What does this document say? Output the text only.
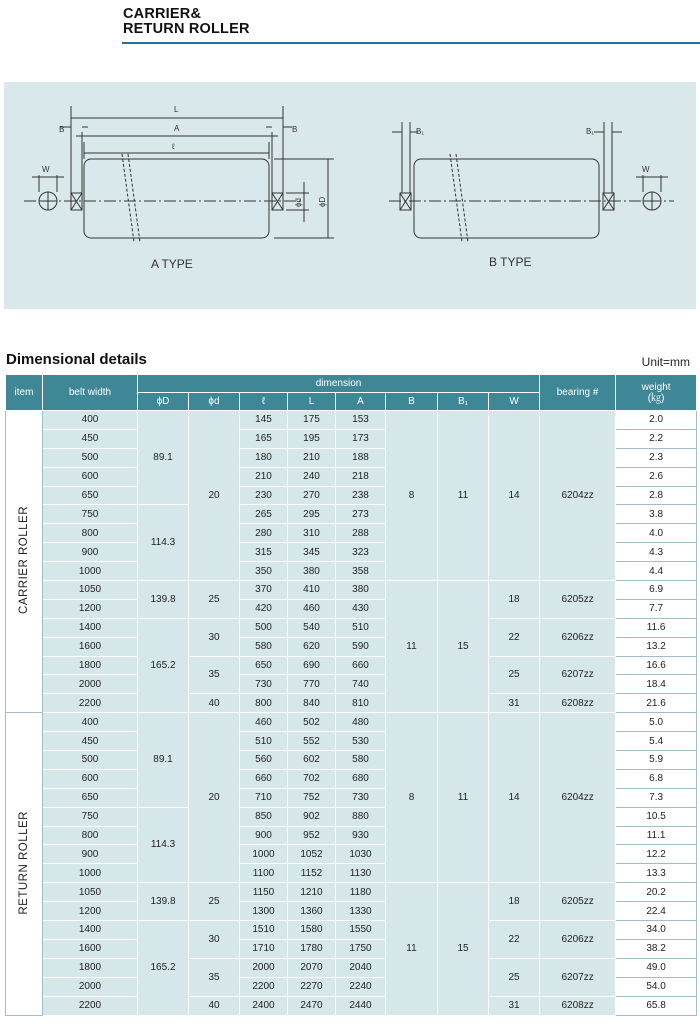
CARRIER&
RETURN ROLLER
L
A
ℓ
B	B
W
ϕd ϕD
B₁	B₁
W
A TYPE	B TYPE
Dimensional details	Unit=mm
item	belt width	dimension								bearing #	weight
(㎏)
		ϕD	ϕd	ℓ	L	A	B	B₁	W		
CARRIER ROLLER	400	89.1	20	145	175	153	8	11	14	6204zz	2.0
	450			165	195	173					2.2
	500			180	210	188					2.3
	600			210	240	218					2.6
	650			230	270	238					2.8
	750	114.3		265	295	273					3.8
	800			280	310	288					4.0
	900			315	345	323					4.3
	1000			350	380	358					4.4
	1050	139.8	25	370	410	380	11	15	18	6205zz	6.9
	1200			420	460	430					7.7
	1400	165.2	30	500	540	510			22	6206zz	11.6
	1600			580	620	590					13.2
	1800		35	650	690	660			25	6207zz	16.6
	2000			730	770	740					18.4
	2200		40	800	840	810			31	6208zz	21.6
RETURN ROLLER	400	89.1	20	460	502	480	8	11	14	6204zz	5.0
	450			510	552	530					5.4
	500			560	602	580					5.9
	600			660	702	680					6.8
	650			710	752	730					7.3
	750	114.3		850	902	880					10.5
	800			900	952	930					11.1
	900			1000	1052	1030					12.2
	1000			1100	1152	1130					13.3
	1050	139.8	25	1150	1210	1180	11	15	18	6205zz	20.2
	1200			1300	1360	1330					22.4
	1400	165.2	30	1510	1580	1550			22	6206zz	34.0
	1600			1710	1780	1750					38.2
	1800		35	2000	2070	2040			25	6207zz	49.0
	2000			2200	2270	2240					54.0
	2200		40	2400	2470	2440			31	6208zz	65.8
